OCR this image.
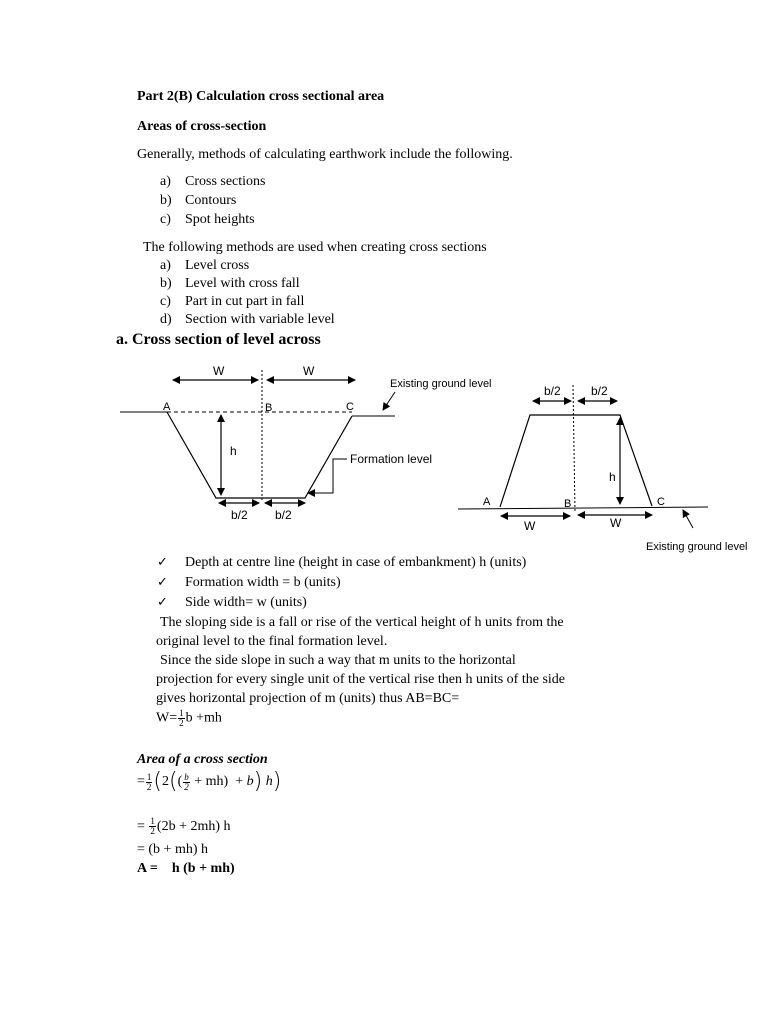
Part 2(B) Calculation cross sectional area
Areas of cross-section
Generally, methods of calculating earthwork include the following.
a) Cross sections
b) Contours
c) Spot heights
The following methods are used when creating cross sections
a) Level cross
b) Level with cross fall
c) Part in cut part in fall
d) Section with variable level
a. Cross section of level across
W	W
A	B	C
h
b/2 b/2
Existing ground level
Formation level
b/2	b/2
h
A	B	C
W	W
Existing ground level
✓ Depth at centre line (height in case of embankment) h (units)
✓ Formation width = b (units)
✓ Side width= w (units)
The sloping side is a fall or rise of the vertical height of h units from the original level to the final formation level.
Since the side slope in such a way that m units to the horizontal projection for every single unit of the vertical rise then h units of the side gives horizontal projection of m (units) thus AB=BC=
$W= \frac{1}{2}$ b +mh
Area of a cross section
= $\frac{1}{2} (2(( \frac{b}{2} + mh) + b)$ h)
= $\frac{1}{2} (2b + 2mh)$ h
= (b + mh) h
A = h (b + mh)
